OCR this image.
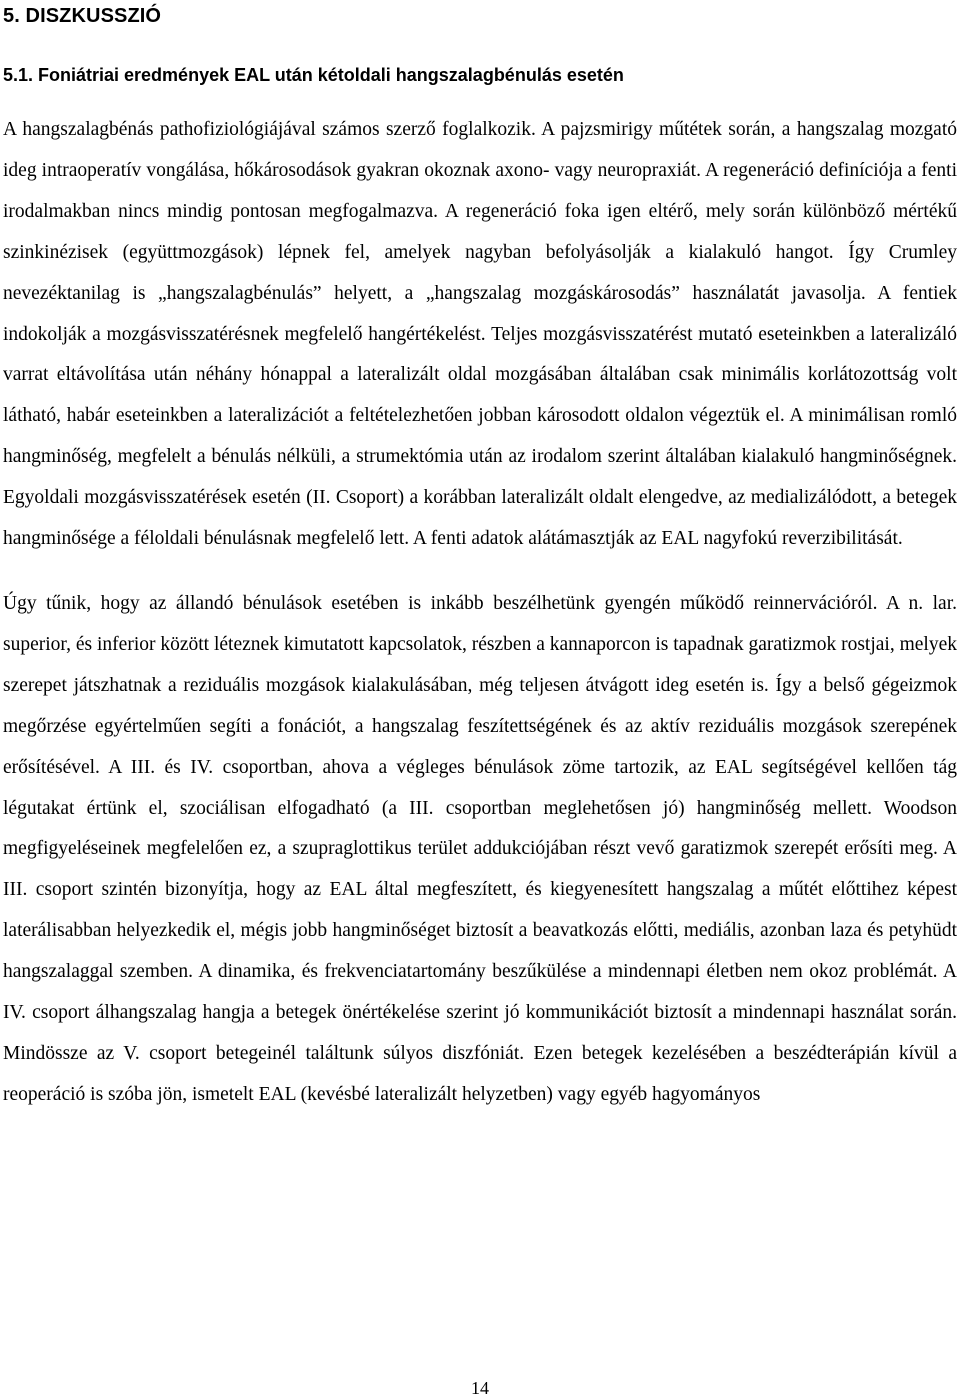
5. DISZKUSSZIÓ
5.1. Foniátriai eredmények EAL után kétoldali hangszalagbénulás esetén

A hangszalagbénás pathofiziológiájával számos szerző foglalkozik. A pajzsmirigy műtétek során, a hangszalag mozgató ideg intraoperatív vongálása, hőkárosodások gyakran okoznak axono- vagy neuropraxiát. A regeneráció definíciója a fenti irodalmakban nincs mindig pontosan megfogalmazva. A regeneráció foka igen eltérő, mely során különböző mértékű szinkinézisek (együttmozgások) lépnek fel, amelyek nagyban befolyásolják a kialakuló hangot. Így Crumley nevezéktanilag is „hangszalagbénulás” helyett, a „hangszalag mozgáskárosodás” használatát javasolja. A fentiek indokolják a mozgásvisszatérésnek megfelelő hangértékelést. Teljes mozgásvisszatérést mutató eseteinkben a lateralizáló varrat eltávolítása után néhány hónappal a lateralizált oldal mozgásában általában csak minimális korlátozottság volt látható, habár eseteinkben a lateralizációt a feltételezhetően jobban károsodott oldalon végeztük el. A minimálisan romló hangminőség, megfelelt a bénulás nélküli, a strumektómia után az irodalom szerint általában kialakuló hangminőségnek. Egyoldali mozgásvisszatérések esetén (II. Csoport) a korábban lateralizált oldalt elengedve, az medializálódott, a betegek hangminősége a féloldali bénulásnak megfelelő lett. A fenti adatok alátámasztják az EAL nagyfokú reverzibilitását.

Úgy tűnik, hogy az állandó bénulások esetében is inkább beszélhetünk gyengén működő reinnervációról. A n. lar. superior, és inferior között léteznek kimutatott kapcsolatok, részben a kannaporcon is tapadnak garatizmok rostjai, melyek szerepet játszhatnak a reziduális mozgások kialakulásában, még teljesen átvágott ideg esetén is. Így a belső gégeizmok megőrzése egyértelműen segíti a fonációt, a hangszalag feszítettségének és az aktív reziduális mozgások szerepének erősítésével. A III. és IV. csoportban, ahova a végleges bénulások zöme tartozik, az EAL segítségével kellően tág légutakat értünk el, szociálisan elfogadható (a III. csoportban meglehetősen jó) hangminőség mellett. Woodson megfigyeléseinek megfelelően ez, a szupraglottikus terület addukciójában részt vevő garatizmok szerepét erősíti meg. A III. csoport szintén bizonyítja, hogy az EAL által megfeszített, és kiegyenesített hangszalag a műtét előttihez képest laterálisabban helyezkedik el, mégis jobb hangminőséget biztosít a beavatkozás előtti, mediális, azonban laza és petyhüdt hangszalaggal szemben. A dinamika, és frekvenciatartomány beszűkülése a mindennapi életben nem okoz problémát. A IV. csoport álhangszalag hangja a betegek önértékelése szerint jó kommunikációt biztosít a mindennapi használat során. Mindössze az V. csoport betegeinél találtunk súlyos diszfóniát. Ezen betegek kezelésében a beszédterápián kívül a reoperáció is szóba jön, ismetelt EAL (kevésbé lateralizált helyzetben) vagy egyéb hagyományos

14
